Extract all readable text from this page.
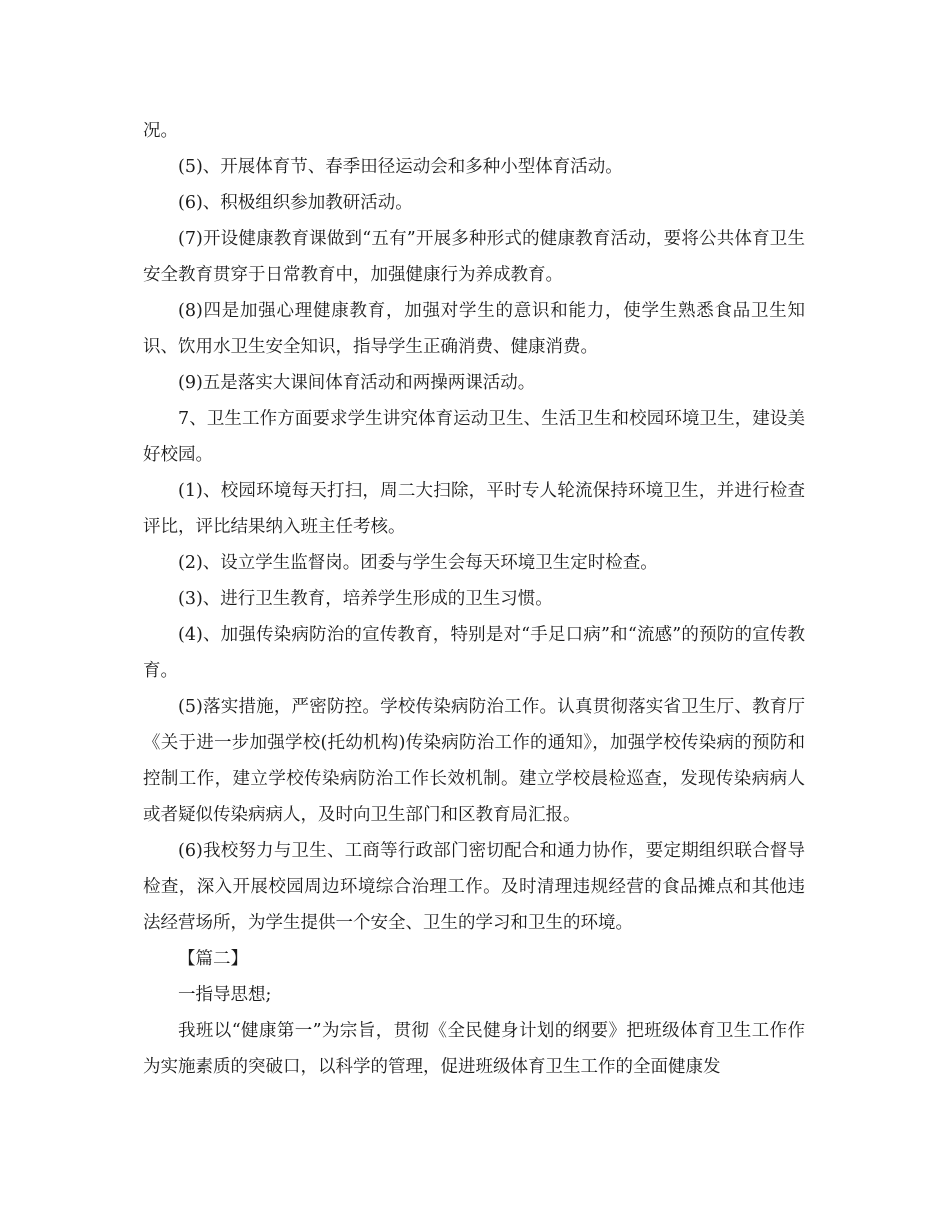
况。

(5)、开展体育节、春季田径运动会和多种小型体育活动。

(6)、积极组织参加教研活动。

(7)开设健康教育课做到“五有”开展多种形式的健康教育活动，要将公共体育卫生安全教育贯穿于日常教育中，加强健康行为养成教育。

(8)四是加强心理健康教育，加强对学生的意识和能力，使学生熟悉食品卫生知识、饮用水卫生安全知识，指导学生正确消费、健康消费。

(9)五是落实大课间体育活动和两操两课活动。

7、卫生工作方面要求学生讲究体育运动卫生、生活卫生和校园环境卫生，建设美好校园。

(1)、校园环境每天打扫，周二大扫除，平时专人轮流保持环境卫生，并进行检查评比，评比结果纳入班主任考核。

(2)、设立学生监督岗。团委与学生会每天环境卫生定时检查。

(3)、进行卫生教育，培养学生形成的卫生习惯。

(4)、加强传染病防治的宣传教育，特别是对“手足口病”和“流感”的预防的宣传教育。

(5)落实措施，严密防控。学校传染病防治工作。认真贯彻落实省卫生厅、教育厅《关于进一步加强学校(托幼机构)传染病防治工作的通知》，加强学校传染病的预防和控制工作，建立学校传染病防治工作长效机制。建立学校晨检巡查，发现传染病病人或者疑似传染病病人，及时向卫生部门和区教育局汇报。

(6)我校努力与卫生、工商等行政部门密切配合和通力协作，要定期组织联合督导检查，深入开展校园周边环境综合治理工作。及时清理违规经营的食品摊点和其他违法经营场所，为学生提供一个安全、卫生的学习和卫生的环境。

【篇二】

一指导思想;

我班以“健康第一”为宗旨，贯彻《全民健身计划的纲要》把班级体育卫生工作作为实施素质的突破口，以科学的管理，促进班级体育卫生工作的全面健康发
